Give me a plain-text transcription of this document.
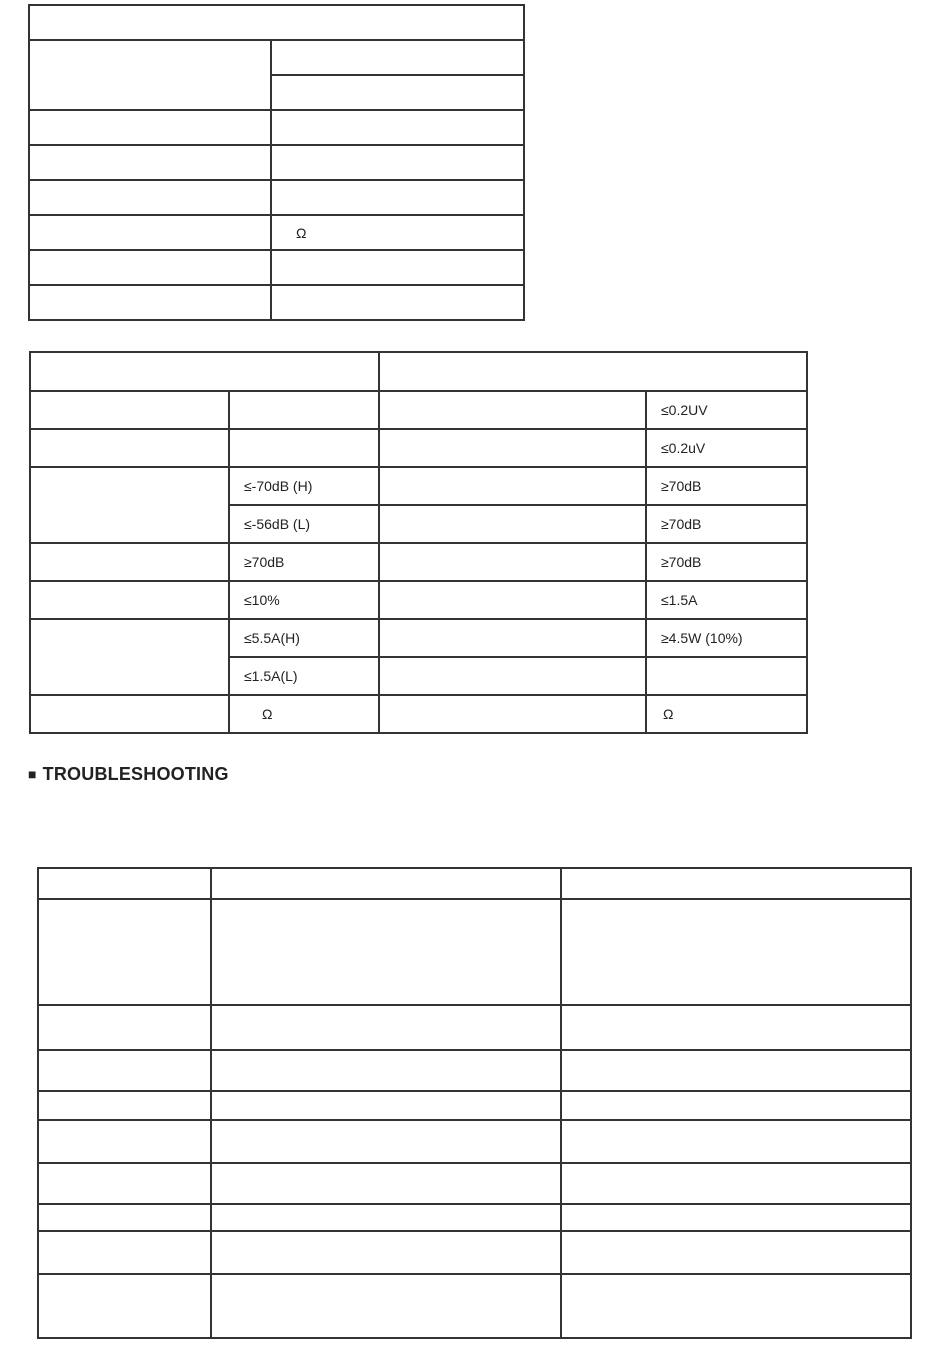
	Ω

			≤0.2UV
			≤0.2uV
	≤-70dB (H)		≥70dB
	≤-56dB (L)		≥70dB
	≥70dB		≥70dB
	≤10%		≤1.5A
	≤5.5A(H)		≥4.5W (10%)
	≤1.5A(L)		
	Ω		Ω
■ TROUBLESHOOTING
